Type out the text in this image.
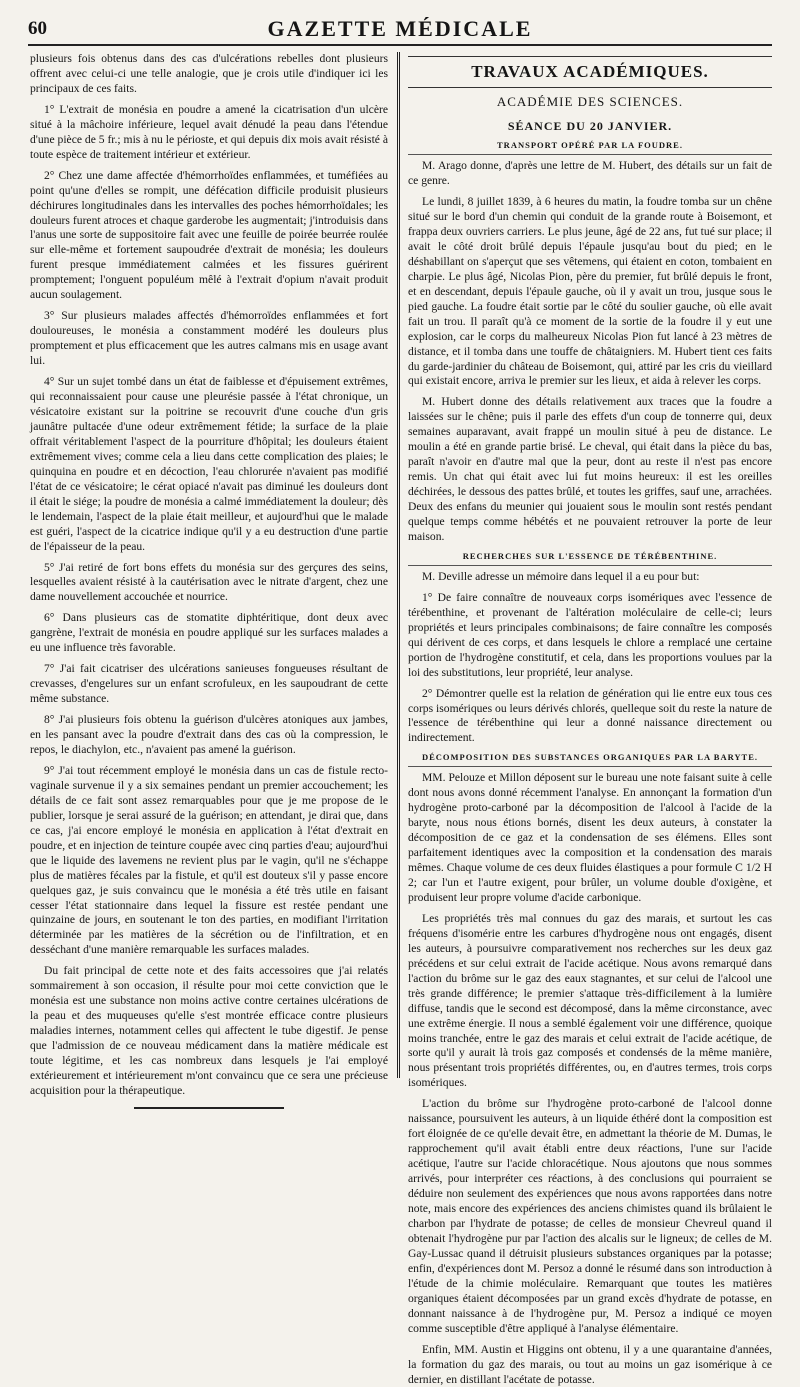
60	GAZETTE MÉDICALE

plusieurs fois obtenus dans des cas d'ulcérations rebelles dont plusieurs offrent avec celui-ci une telle analogie, que je crois utile d'indiquer ici les principaux de ces faits.

1° L'extrait de monésia en poudre a amené la cicatrisation d'un ulcère situé à la mâchoire inférieure, lequel avait dénudé la peau dans l'étendue d'une pièce de 5 fr.; mis à nu le périoste, et qui depuis dix mois avait résisté à toute espèce de traitement intérieur et extérieur.

2° Chez une dame affectée d'hémorrhoïdes enflammées, et tuméfiées au point qu'une d'elles se rompit, une défécation difficile produisit plusieurs déchirures longitudinales dans les intervalles des poches hémorrhoïdales; les douleurs furent atroces et chaque garderobe les augmentait; j'introduisis dans l'anus une sorte de suppositoire fait avec une feuille de poirée beurrée roulée sur elle-même et fortement saupoudrée d'extrait de monésia; les douleurs furent presque immédiatement calmées et les fissures guérirent promptement; l'onguent populéum mêlé à l'extrait d'opium n'avait produit aucun soulagement.

3° Sur plusieurs malades affectés d'hémorroïdes enflammées et fort douloureuses, le monésia a constamment modéré les douleurs plus promptement et plus efficacement que les autres calmans mis en usage avant lui.

4° Sur un sujet tombé dans un état de faiblesse et d'épuisement extrêmes, qui reconnaissaient pour cause une pleurésie passée à l'état chronique, un vésicatoire existant sur la poitrine se recouvrit d'une couche d'un gris jaunâtre pultacée d'une odeur extrêmement fétide; la surface de la plaie offrait véritablement l'aspect de la pourriture d'hôpital; les douleurs étaient extrêmement vives; comme cela a lieu dans cette complication des plaies; le quinquina en poudre et en décoction, l'eau chlorurée n'avaient pas modifié l'état de ce vésicatoire; le cérat opiacé n'avait pas diminué les douleurs dont il était le siége; la poudre de monésia a calmé immédiatement la douleur; dès le lendemain, l'aspect de la plaie était meilleur, et aujourd'hui que le malade est guéri, l'aspect de la cicatrice indique qu'il y a eu destruction d'une partie de l'épaisseur de la peau.

5° J'ai retiré de fort bons effets du monésia sur des gerçures des seins, lesquelles avaient résisté à la cautérisation avec le nitrate d'argent, chez une dame nouvellement accouchée et nourrice.

6° Dans plusieurs cas de stomatite diphtéritique, dont deux avec gangrène, l'extrait de monésia en poudre appliqué sur les surfaces malades a eu une influence très favorable.

7° J'ai fait cicatriser des ulcérations sanieuses fongueuses résultant de crevasses, d'engelures sur un enfant scrofuleux, en les saupoudrant de cette même substance.

8° J'ai plusieurs fois obtenu la guérison d'ulcères atoniques aux jambes, en les pansant avec la poudre d'extrait dans des cas où la compression, le repos, le diachylon, etc., n'avaient pas amené la guérison.

9° J'ai tout récemment employé le monésia dans un cas de fistule recto-vaginale survenue il y a six semaines pendant un premier accouchement; les détails de ce fait sont assez remarquables pour que je me propose de le publier, lorsque je serai assuré de la guérison; en attendant, je dirai que, dans ce cas, j'ai encore employé le monésia en application à l'état d'extrait en poudre, et en injection de teinture coupée avec cinq parties d'eau; aujourd'hui que le liquide des lavemens ne revient plus par le vagin, qu'il ne s'échappe plus de matières fécales par la fistule, et qu'il est douteux s'il y passe encore quelques gaz, je suis convaincu que le monésia a été très utile en faisant cesser l'état stationnaire dans lequel la fissure est restée pendant une quinzaine de jours, en soutenant le ton des parties, en modifiant l'irritation déterminée par les matières de la sécrétion ou de l'infiltration, et en desséchant d'une manière remarquable les surfaces malades.

Du fait principal de cette note et des faits accessoires que j'ai relatés sommairement à son occasion, il résulte pour moi cette conviction que le monésia est une substance non moins active contre certaines ulcérations de la peau et des muqueuses qu'elle s'est montrée efficace contre plusieurs maladies internes, notamment celles qui affectent le tube digestif. Je pense que l'admission de ce nouveau médicament dans la matière médicale est toute légitime, et les cas nombreux dans lesquels je l'ai employé extérieurement et intérieurement m'ont convaincu que ce sera une précieuse acquisition pour la thérapeutique.

TRAVAUX ACADÉMIQUES.
ACADÉMIE DES SCIENCES.
SÉANCE DU 20 JANVIER.
TRANSPORT OPÉRÉ PAR LA FOUDRE.

M. Arago donne, d'après une lettre de M. Hubert, des détails sur un fait de ce genre.

Le lundi, 8 juillet 1839, à 6 heures du matin, la foudre tomba sur un chêne situé sur le bord d'un chemin qui conduit de la grande route à Boisemont, et frappa deux ouvriers carriers. Le plus jeune, âgé de 22 ans, fut tué sur place; il avait le côté droit brûlé depuis l'épaule jusqu'au bout du pied; en le déshabillant on s'aperçut que ses vêtemens, qui étaient en coton, tombaient en charpie. Le plus âgé, Nicolas Pion, père du premier, fut brûlé depuis le front, et en descendant, depuis l'épaule gauche, où il y avait un trou, jusque sous le pied gauche. La foudre était sortie par le côté du soulier gauche, où elle avait fait un trou. Il paraît qu'à ce moment de la sortie de la foudre il y eut une explosion, car le corps du malheureux Nicolas Pion fut lancé à 23 mètres de distance, et il tomba dans une touffe de châtaigniers. M. Hubert tient ces faits du garde-jardinier du château de Boisemont, qui, attiré par les cris du vieillard qui existait encore, arriva le premier sur les lieux, et aida à relever les corps.

M. Hubert donne des détails relativement aux traces que la foudre a laissées sur le chêne; puis il parle des effets d'un coup de tonnerre qui, deux semaines auparavant, avait frappé un moulin situé à peu de distance. Le moulin a été en grande partie brisé. Le cheval, qui était dans la pièce du bas, paraît n'avoir en d'autre mal que la peur, dont au reste il n'est pas encore remis. Un chat qui était avec lui fut moins heureux: il est les oreilles déchirées, le dessous des pattes brûlé, et toutes les griffes, sauf une, arrachées. Deux des enfans du meunier qui jouaient sous le moulin sont restés pendant quelque temps comme hébétés et ne pouvaient retrouver la porte de leur maison.

RECHERCHES SUR L'ESSENCE DE TÉRÉBENTHINE.

M. Deville adresse un mémoire dans lequel il a eu pour but:

1° De faire connaître de nouveaux corps isomériques avec l'essence de térébenthine, et provenant de l'altération moléculaire de celle-ci; leurs propriétés et leurs principales combinaisons; de faire connaître les composés qui dérivent de ces corps, et dans lesquels le chlore a remplacé une certaine portion de l'hydrogène constitutif, et cela, dans les proportions voulues par la loi des substitutions, leur propriété, leur analyse.

2° Démontrer quelle est la relation de génération qui lie entre eux tous ces corps isomériques ou leurs dérivés chlorés, quelleque soit du reste la nature de l'essence de térébenthine qui leur a donné naissance directement ou indirectement.

DÉCOMPOSITION DES SUBSTANCES ORGANIQUES PAR LA BARYTE.

MM. Pelouze et Millon déposent sur le bureau une note faisant suite à celle dont nous avons donné récemment l'analyse. En annonçant la formation d'un hydrogène proto-carboné par la décomposition de l'alcool à l'acide de la baryte, nous nous étions bornés, disent les deux auteurs, à constater la décomposition de ce gaz et la condensation de ses élémens. Elles sont parfaitement identiques avec la composition et la condensation des marais mêmes. Chaque volume de ces deux fluides élastiques a pour formule C 1/2 H 2; car l'un et l'autre exigent, pour brûler, un volume double d'oxigène, et produisent leur propre volume d'acide carbonique.

Les propriétés très mal connues du gaz des marais, et surtout les cas fréquens d'isomérie entre les carbures d'hydrogène nous ont engagés, disent les auteurs, à poursuivre comparativement nos recherches sur les deux gaz précédens et sur celui extrait de l'acide acétique. Nous avons remarqué dans l'action du brôme sur le gaz des eaux stagnantes, et sur celui de l'alcool une très grande différence; le premier s'attaque très-difficilement à la lumière diffuse, tandis que le second est décomposé, dans la même circonstance, avec une extrême énergie. Il nous a semblé également voir une différence, quoique moins tranchée, entre le gaz des marais et celui extrait de l'acide acétique, de sorte qu'il y aurait là trois gaz composés et condensés de la même manière, nous présentant trois propriétés différentes, ou, en d'autres termes, trois corps isomériques.

L'action du brôme sur l'hydrogène proto-carboné de l'alcool donne naissance, poursuivent les auteurs, à un liquide éthéré dont la composition est fort éloignée de ce qu'elle devait être, en admettant la théorie de M. Dumas, le rapprochement qu'il avait établi entre deux réactions, l'une sur l'acide acétique, l'autre sur l'acide chloracétique. Nous ajoutons que nous sommes arrivés, pour interpréter ces réactions, à des conclusions qui pourraient se déduire non seulement des expériences que nous avons rapportées dans notre note, mais encore des expériences des anciens chimistes quand ils brûlaient le charbon par l'hydrate de potasse; de celles de monsieur Chevreul quand il obtenait l'hydrogène pur par l'action des alcalis sur le ligneux; de celles de M. Gay-Lussac quand il détruisit plusieurs substances organiques par la potasse; enfin, d'expériences dont M. Persoz a donné le résumé dans son introduction à l'étude de la chimie moléculaire. Remarquant que toutes les matières organiques étaient décomposées par un grand excès d'hydrate de potasse, en donnant naissance à de l'hydrogène pur, M. Persoz a indiqué ce moyen comme susceptible d'être appliqué à l'analyse élémentaire.

Enfin, MM. Austin et Higgins ont obtenu, il y a une quarantaine d'années, la formation du gaz des marais, ou tout au moins un gaz isomérique à ce dernier, en distillant l'acétate de potasse.
